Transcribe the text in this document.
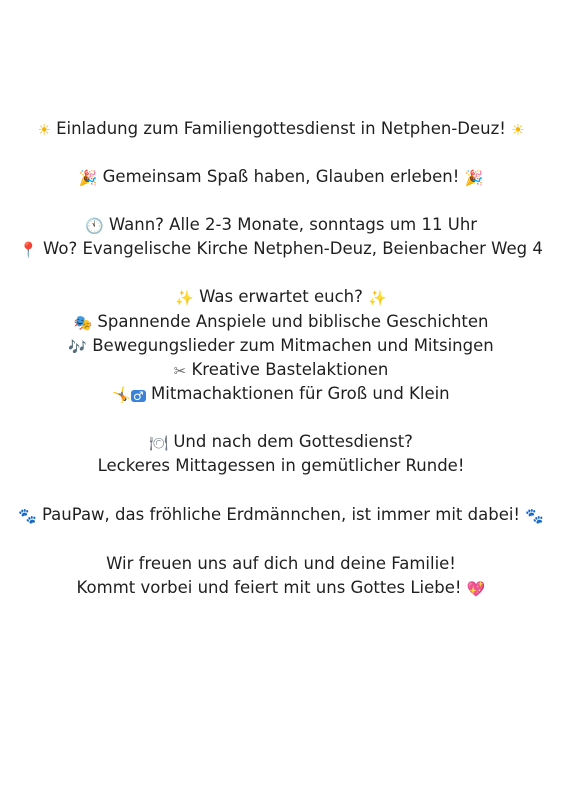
☀ Einladung zum Familiengottesdienst in Netphen-Deuz! ☀
🎉 Gemeinsam Spaß haben, Glauben erleben! 🎉
🕚 Wann? Alle 2-3 Monate, sonntags um 11 Uhr
📍 Wo? Evangelische Kirche Netphen-Deuz, Beienbacher Weg 4
✨ Was erwartet euch? ✨
🎭 Spannende Anspiele und biblische Geschichten
🎶 Bewegungslieder zum Mitmachen und Mitsingen
✂ Kreative Bastelaktionen
🤸 ♂ Mitmachaktionen für Groß und Klein
🍽 Und nach dem Gottesdienst?
Leckeres Mittagessen in gemütlicher Runde!
🐾 PauPaw, das fröhliche Erdmännchen, ist immer mit dabei! 🐾
Wir freuen uns auf dich und deine Familie!
Kommt vorbei und feiert mit uns Gottes Liebe! 💖
